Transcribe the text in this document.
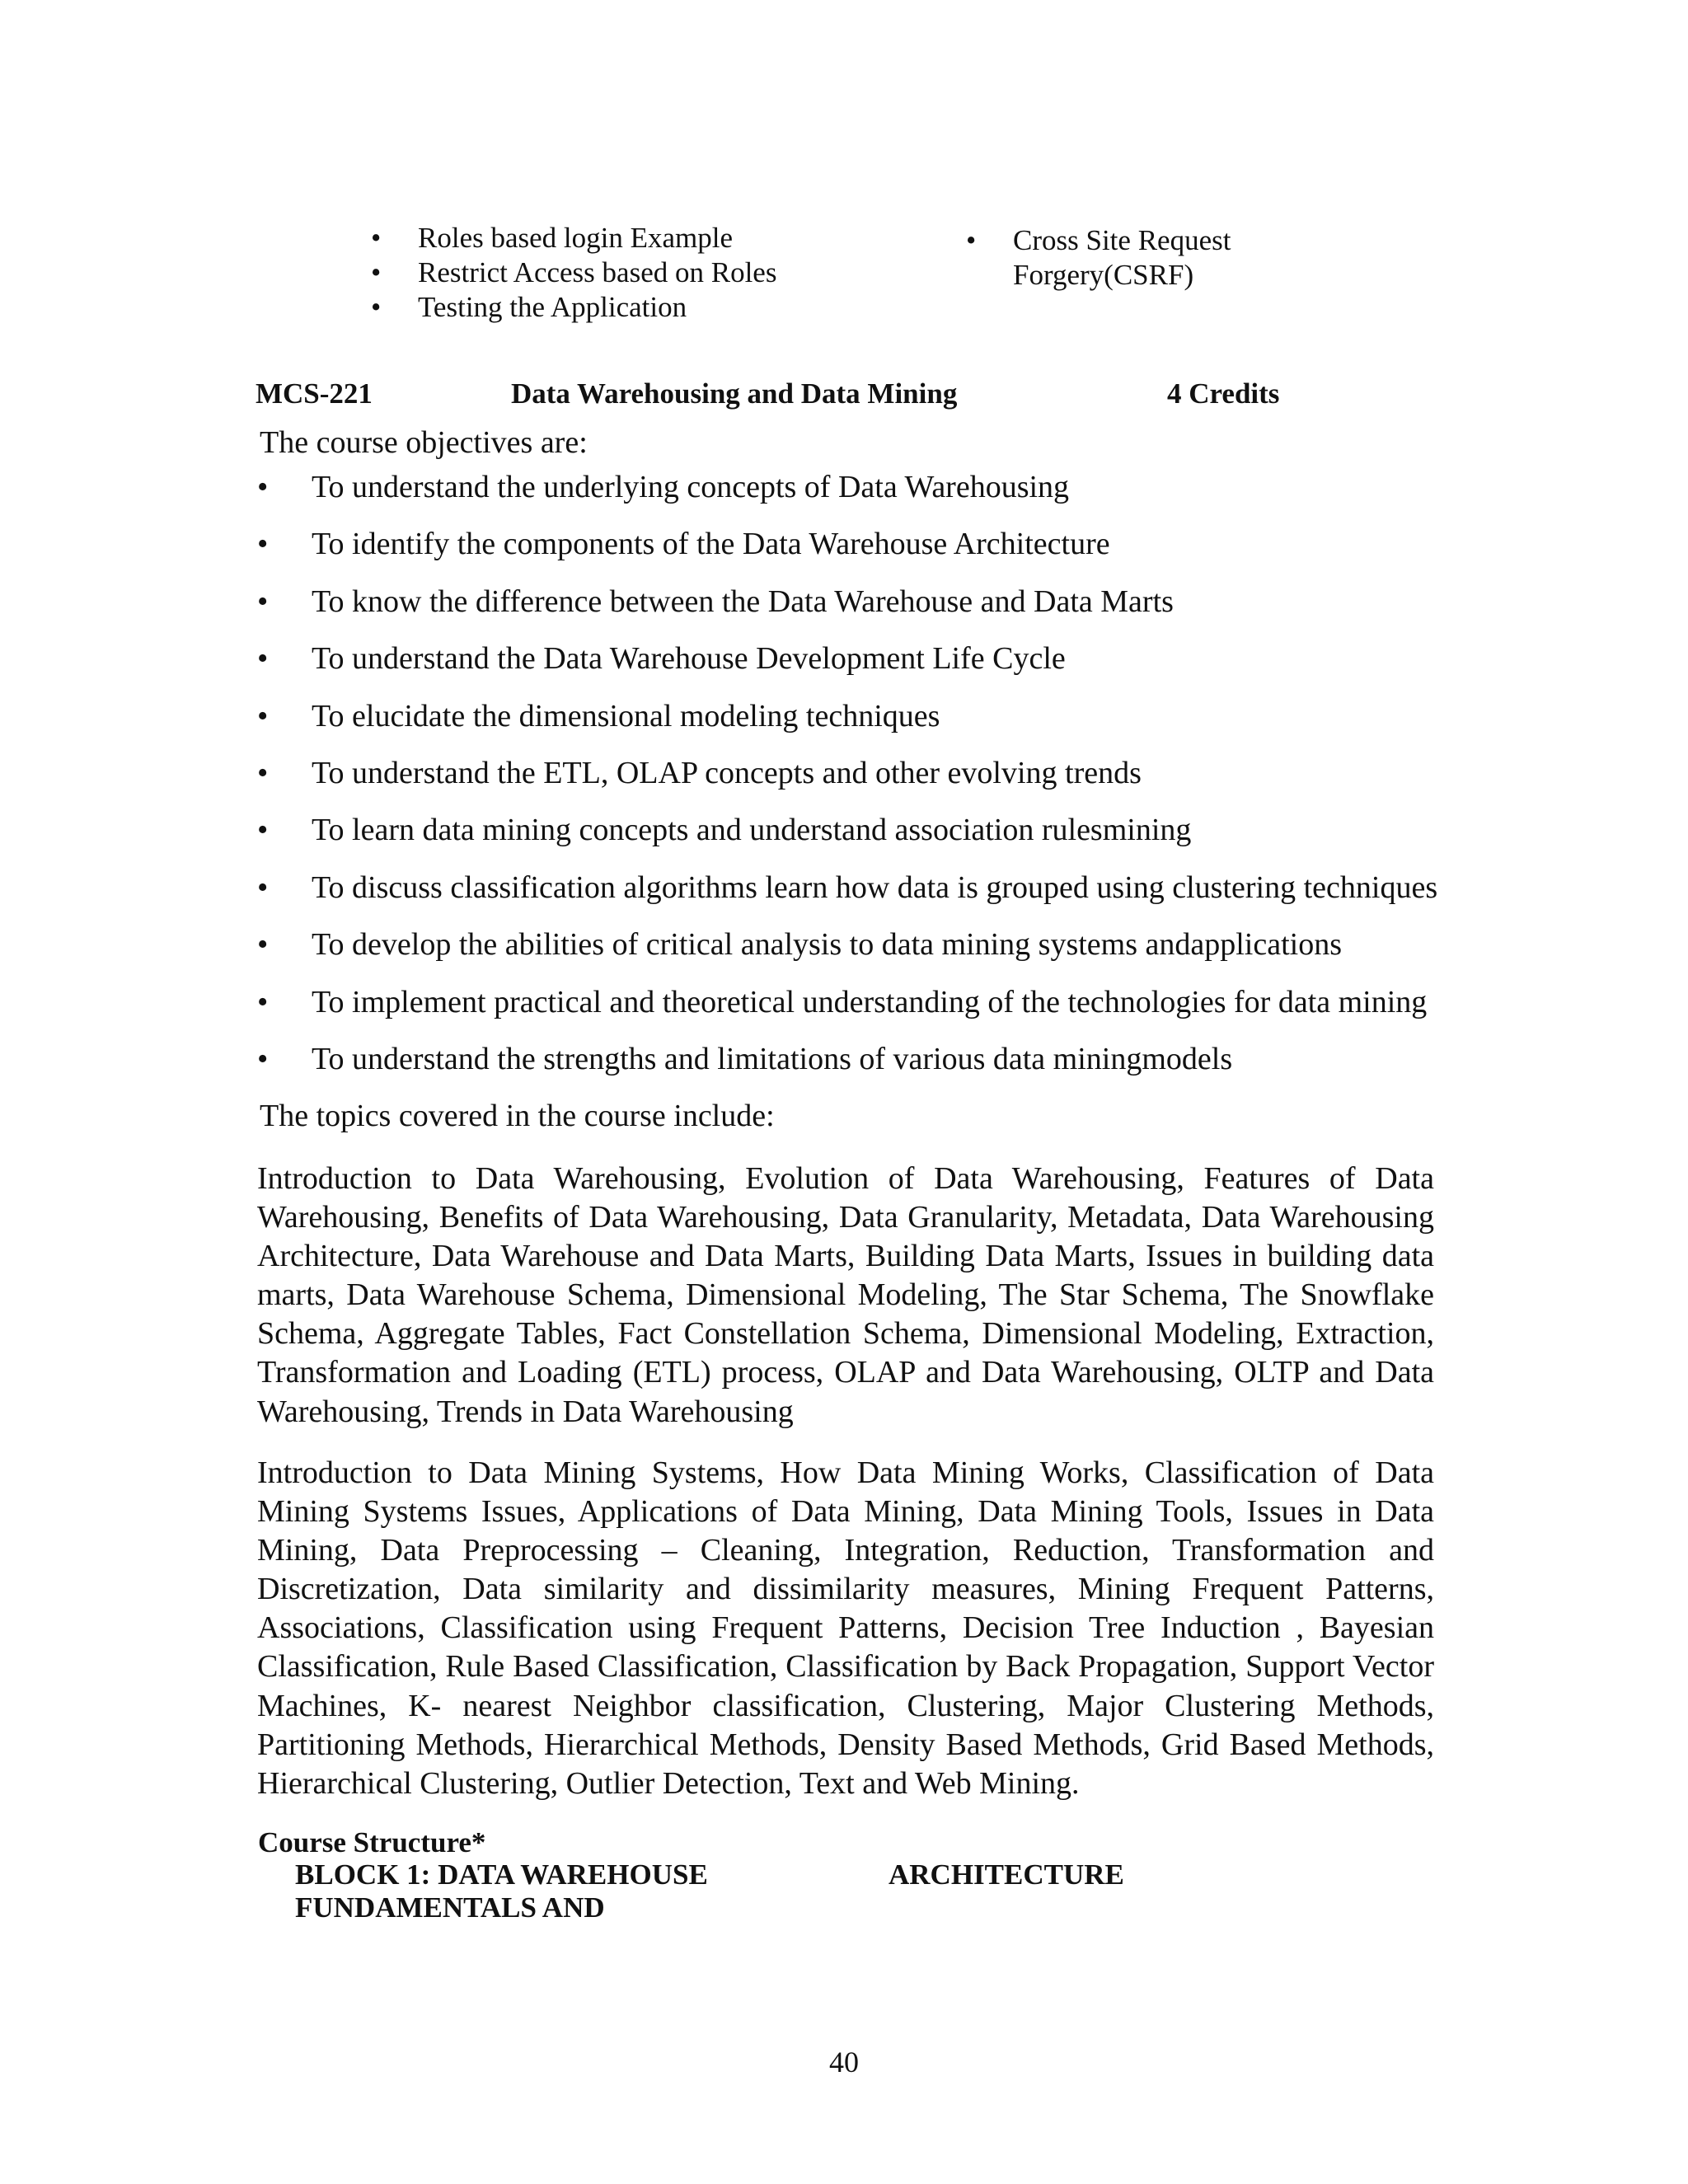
• Roles based login Example
• Restrict Access based on Roles
• Testing the Application
• Cross Site Request Forgery(CSRF)
MCS-221	Data Warehousing and Data Mining	4 Credits
The course objectives are:
• To understand the underlying concepts of Data Warehousing
• To identify the components of the Data Warehouse Architecture
• To know the difference between the Data Warehouse and Data Marts
• To understand the Data Warehouse Development Life Cycle
• To elucidate the dimensional modeling techniques
• To understand the ETL, OLAP concepts and other evolving trends
• To learn data mining concepts and understand association rulesmining
• To discuss classification algorithms learn how data is grouped using clustering techniques
• To develop the abilities of critical analysis to data mining systems andapplications
• To implement practical and theoretical understanding of the technologies for data mining
• To understand the strengths and limitations of various data miningmodels
The topics covered in the course include:

Introduction to Data Warehousing, Evolution of Data Warehousing, Features of Data Warehousing, Benefits of Data Warehousing, Data Granularity, Metadata, Data Warehousing Architecture, Data Warehouse and Data Marts, Building Data Marts, Issues in building data marts, Data Warehouse Schema, Dimensional Modeling, The Star Schema, The Snowflake Schema, Aggregate Tables, Fact Constellation Schema, Dimensional Modeling, Extraction, Transformation and Loading (ETL) process, OLAP and Data Warehousing, OLTP and Data Warehousing, Trends in Data Warehousing

Introduction to Data Mining Systems, How Data Mining Works, Classification of Data Mining Systems Issues, Applications of Data Mining, Data Mining Tools, Issues in Data Mining, Data Preprocessing – Cleaning, Integration, Reduction, Transformation and Discretization, Data similarity and dissimilarity measures, Mining Frequent Patterns, Associations, Classification using Frequent Patterns, Decision Tree Induction , Bayesian Classification, Rule Based Classification, Classification by Back Propagation, Support Vector Machines, K- nearest Neighbor classification, Clustering, Major Clustering Methods, Partitioning Methods, Hierarchical Methods, Density Based Methods, Grid Based Methods, Hierarchical Clustering, Outlier Detection, Text and Web Mining.

Course Structure*
BLOCK 1: DATA WAREHOUSE
FUNDAMENTALS AND
ARCHITECTURE
40
